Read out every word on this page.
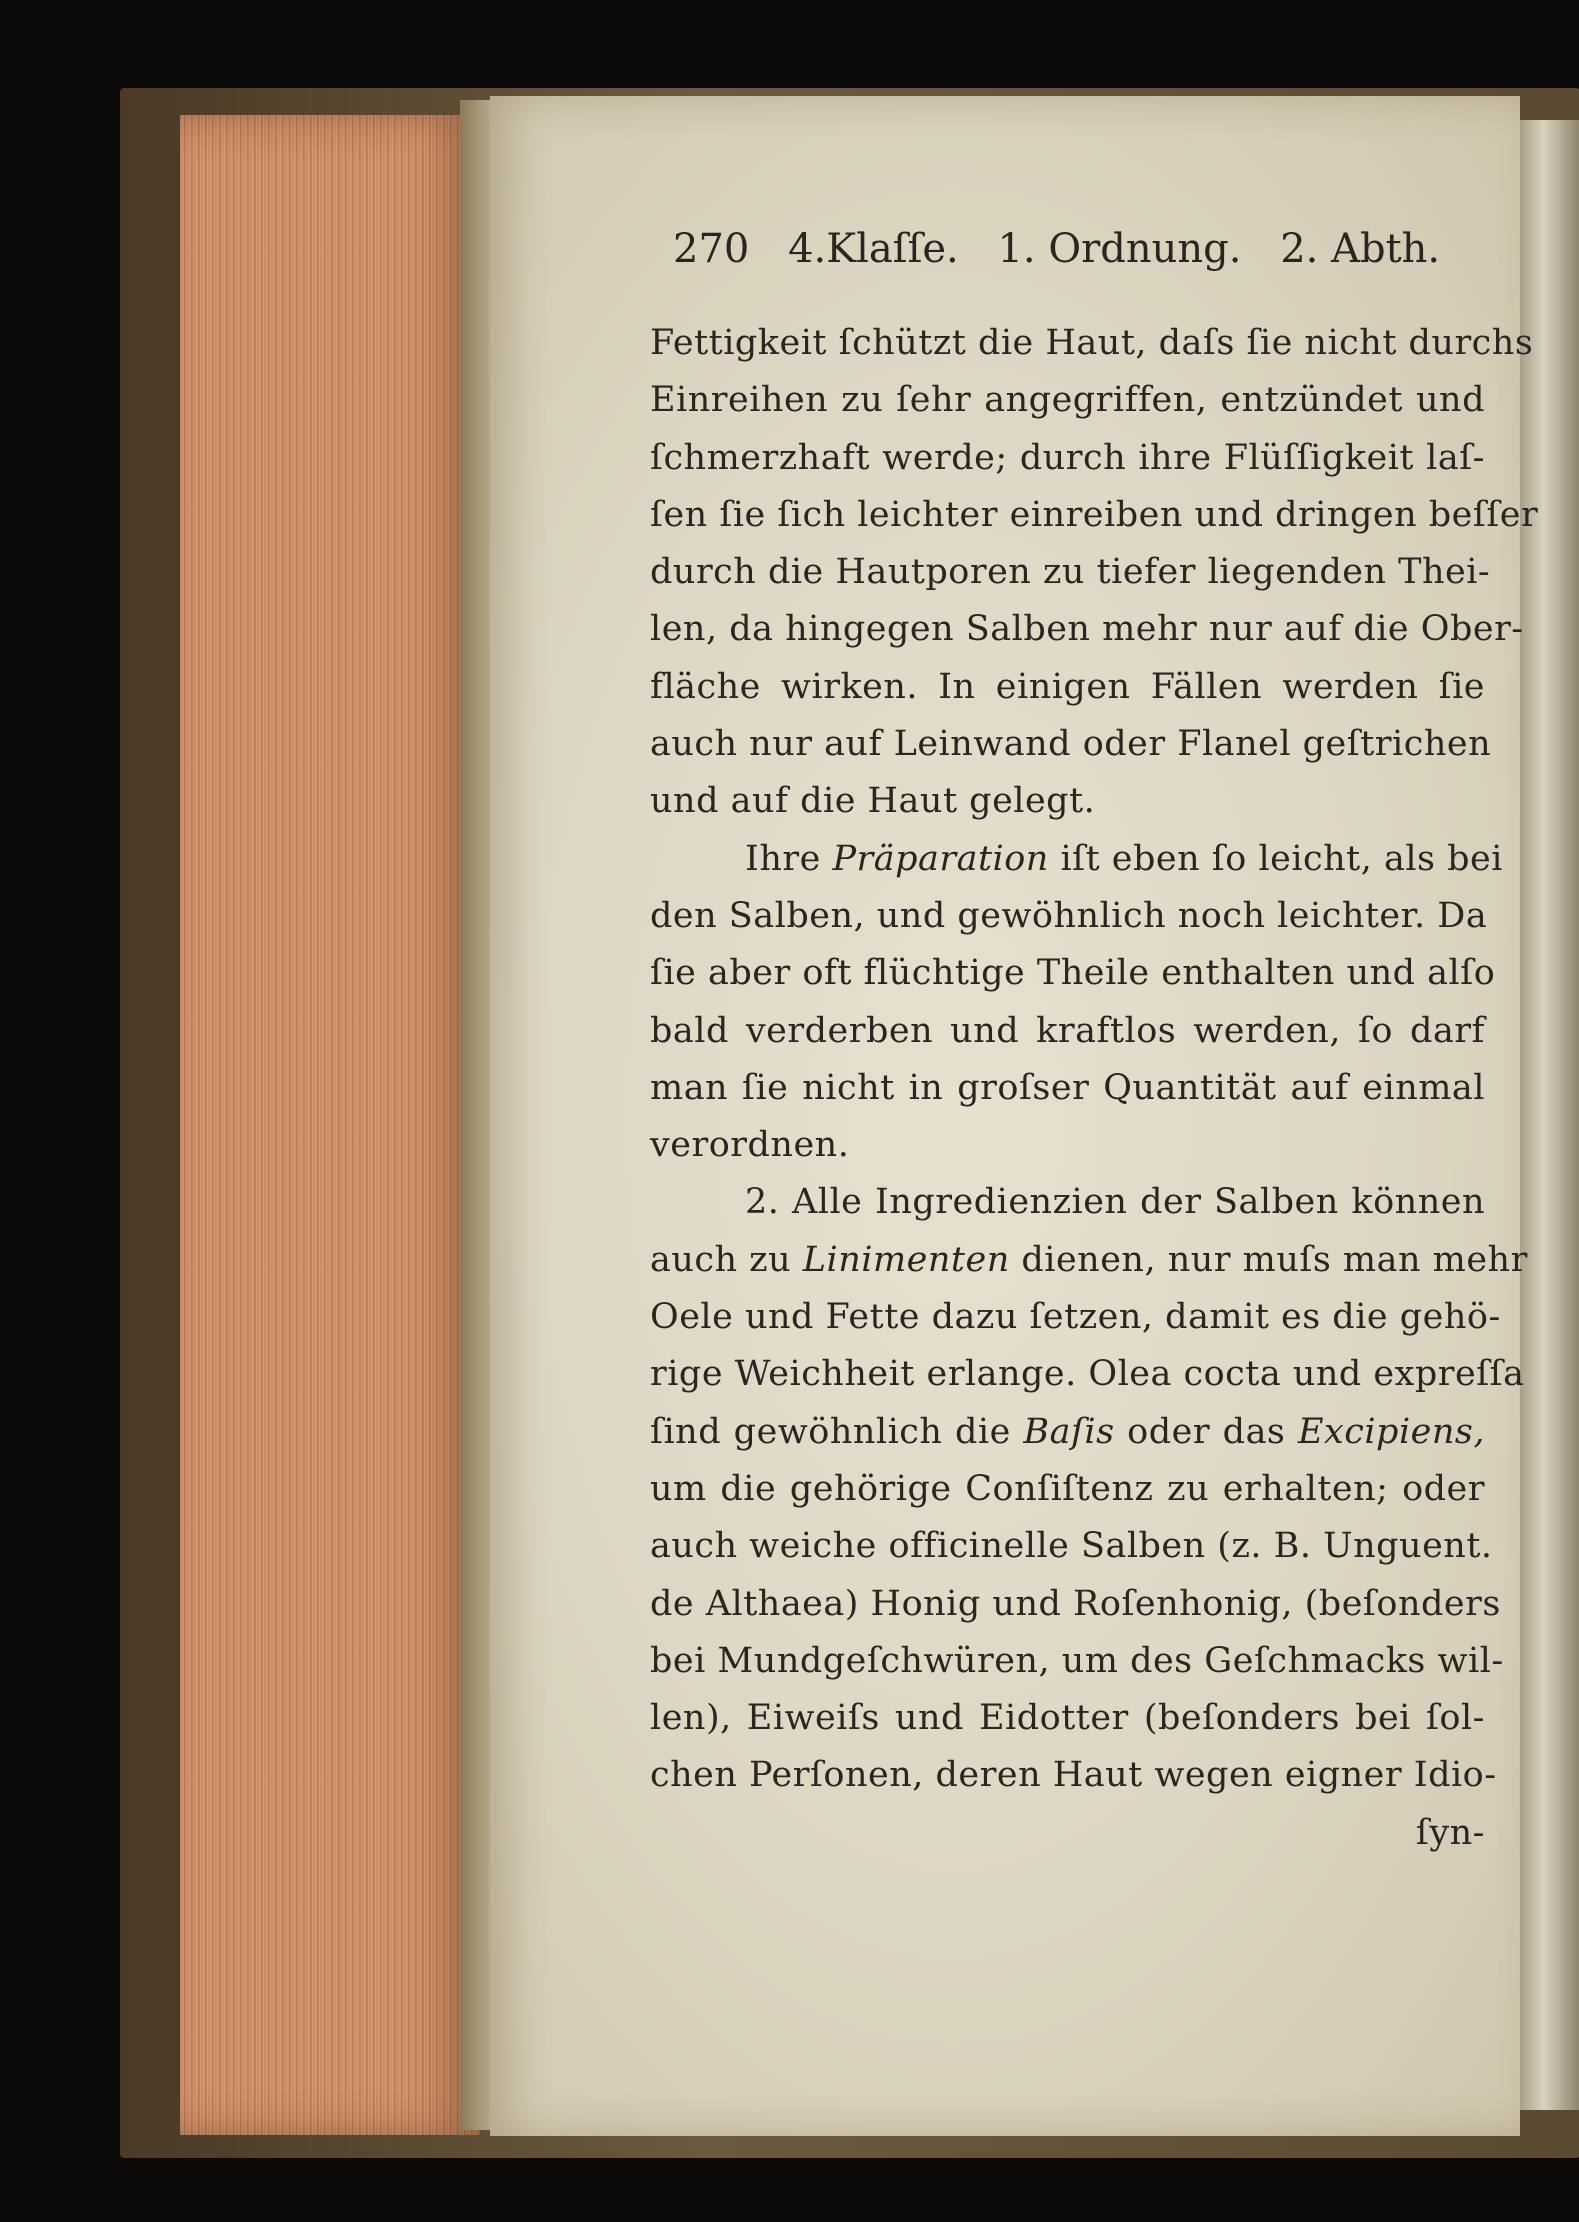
270 4.Klaſſe. 1. Ordnung. 2. Abth.
Fettigkeit ſchützt die Haut, daſs ſie nicht durchs
Einreihen zu ſehr angegriffen, entzündet und
ſchmerzhaft werde; durch ihre Flüſſigkeit laſ-
ſen ſie ſich leichter einreiben und dringen beſſer
durch die Hautporen zu tiefer liegenden Thei-
len, da hingegen Salben mehr nur auf die Ober-
fläche wirken. In einigen Fällen werden ſie
auch nur auf Leinwand oder Flanel geſtrichen
und auf die Haut gelegt.
Ihre Präparation iſt eben ſo leicht, als bei
den Salben, und gewöhnlich noch leichter. Da
ſie aber oft flüchtige Theile enthalten und alſo
bald verderben und kraftlos werden, ſo darf
man ſie nicht in groſser Quantität auf einmal
verordnen.
2. Alle Ingredienzien der Salben können
auch zu Linimenten dienen, nur muſs man mehr
Oele und Fette dazu ſetzen, damit es die gehö-
rige Weichheit erlange. Olea cocta und expreſſa
ſind gewöhnlich die Baſis oder das Excipiens,
um die gehörige Conſiſtenz zu erhalten; oder
auch weiche officinelle Salben (z. B. Unguent.
de Althaea) Honig und Roſenhonig, (beſonders
bei Mundgeſchwüren, um des Geſchmacks wil-
len), Eiweiſs und Eidotter (beſonders bei ſol-
chen Perſonen, deren Haut wegen eigner Idio-
ſyn-
